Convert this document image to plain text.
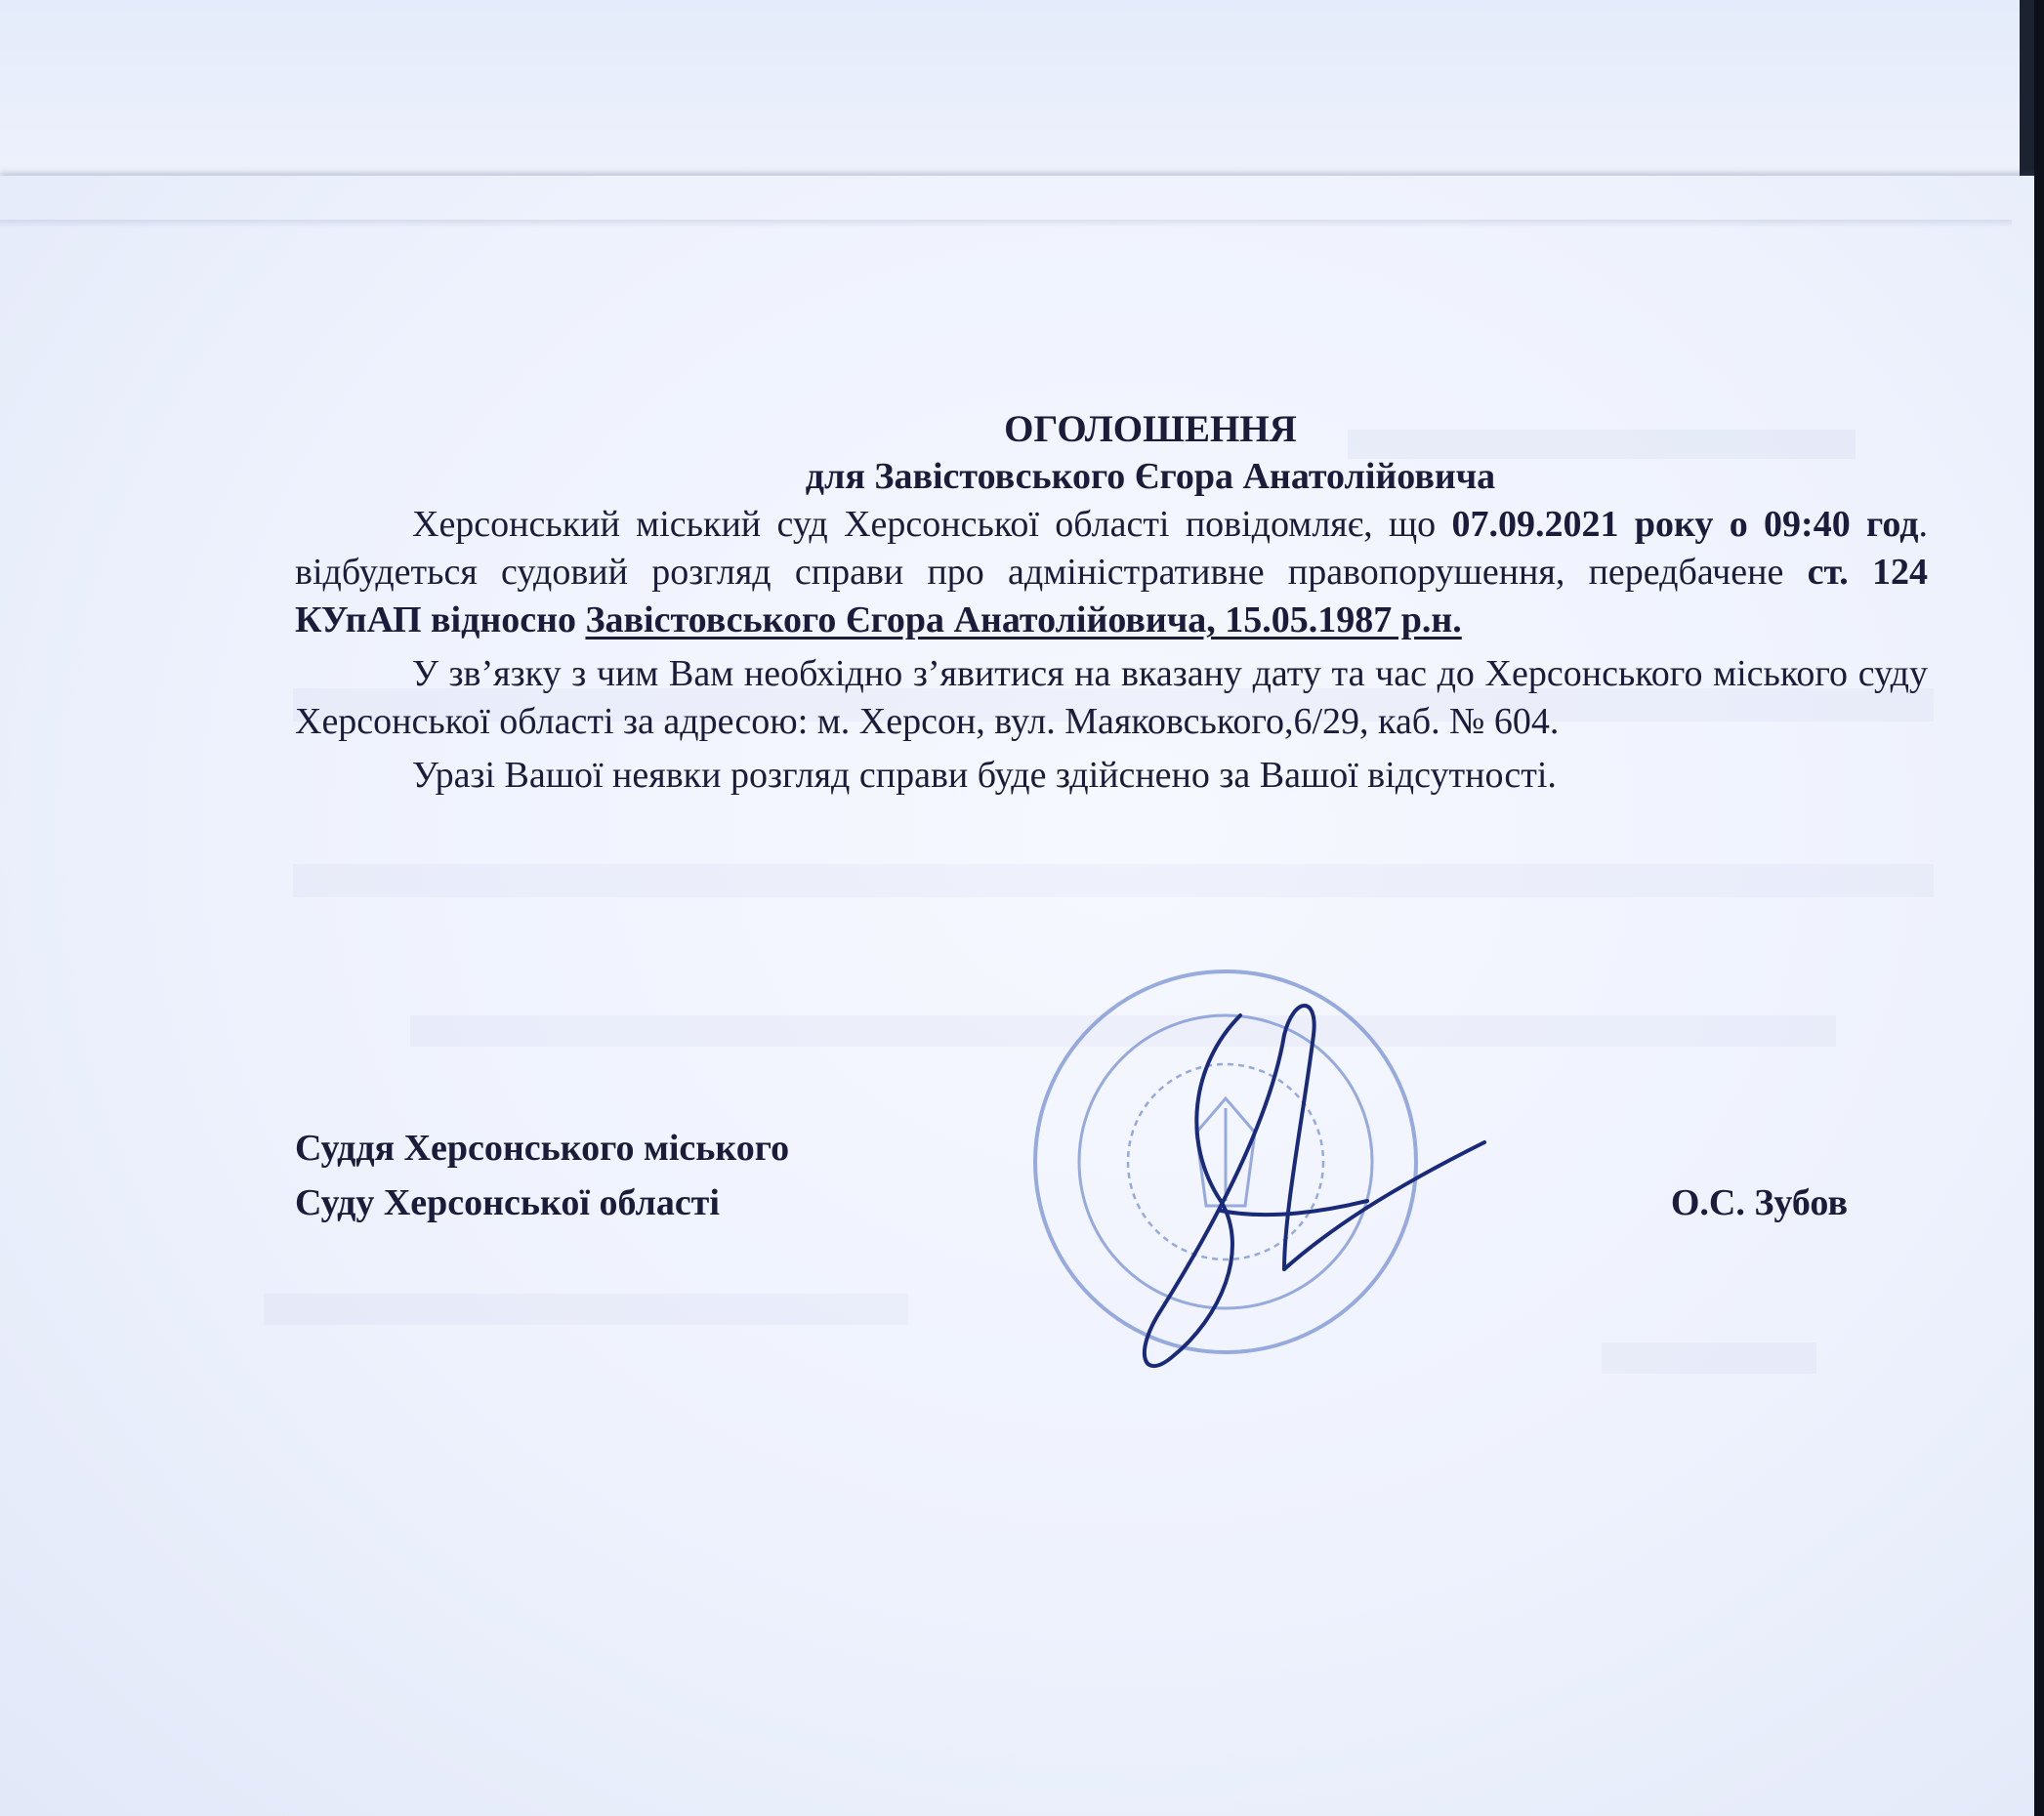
ОГОЛОШЕННЯ

для Завістовського Єгора Анатолійовича

Херсонський міський суд Херсонської області повідомляє, що 07.09.2021 року о 09:40 год. відбудеться судовий розгляд справи про адміністративне правопорушення, передбачене ст. 124 КУпАП відносно Завістовського Єгора Анатолійовича, 15.05.1987 р.н.

У зв’язку з чим Вам необхідно з’явитися на вказану дату та час до Херсонського міського суду Херсонської області за адресою: м. Херсон, вул. Маяковського,6/29, каб. № 604.

Уразі Вашої неявки розгляд справи буде здійснено за Вашої відсутності.

Суддя Херсонського міського
Суду Херсонської області	О.С. Зубов
